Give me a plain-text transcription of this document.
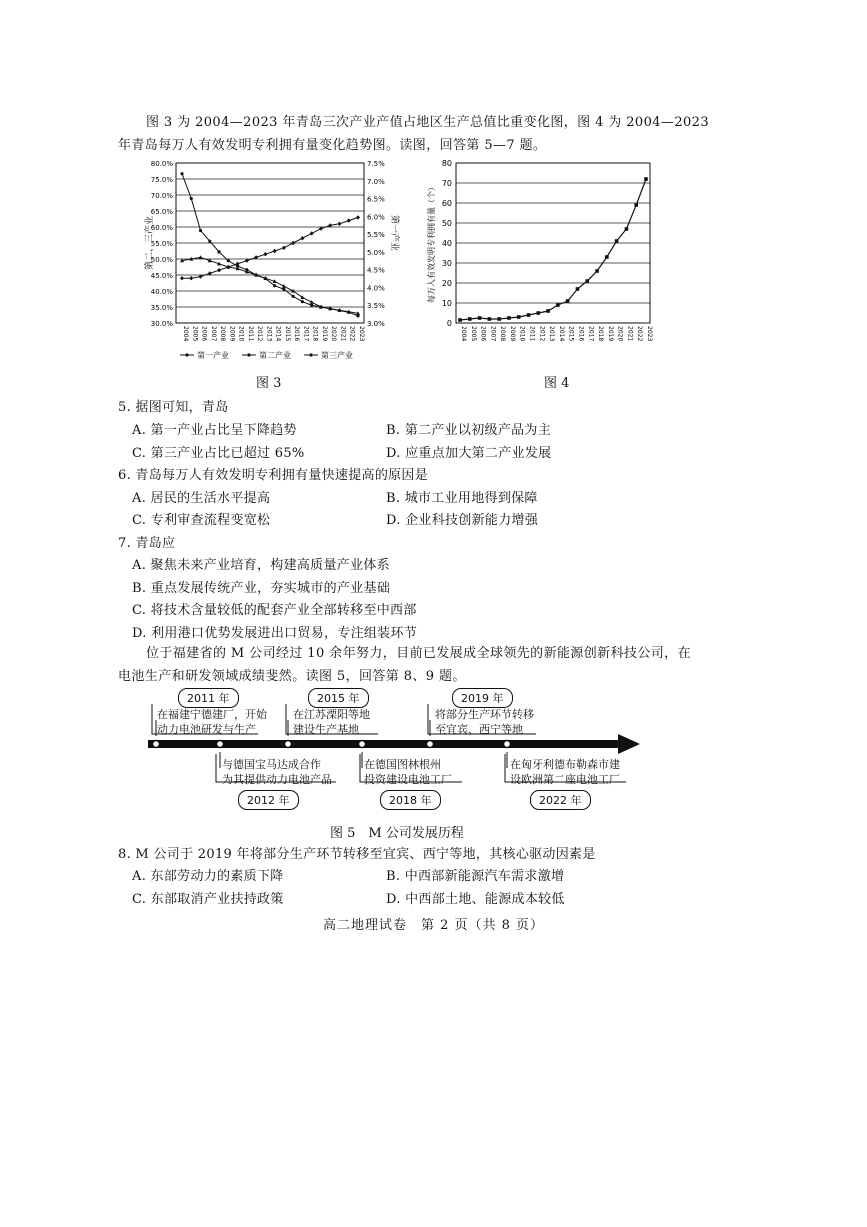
图 3 为 2004—2023 年青岛三次产业产值占地区生产总值比重变化图，图 4 为 2004—2023
年青岛每万人有效发明专利拥有量变化趋势图。读图，回答第 5—7 题。
30.0%
35.0%
40.0%
45.0%
50.0%
55.0%
60.0%
65.0%
70.0%
75.0%
80.0%
3.0%
3.5%
4.0%
4.5%
5.0%
5.5%
6.0%
6.5%
7.0%
7.5%
2004 2005 2006 2007 2008 2009 2010 2011 2012 2013 2014 2015 2016 2017 2018 2019 2020 2021 2022 2023
第二、三产业	第一产业
第一产业	第二产业	第三产业
图 3
0
10
20
30
40
50
60
70
80
2004 2005 2006 2007 2008 2009 2010 2011 2012 2013 2014 2015 2016 2017 2018 2019 2020 2021 2022 2023
每万人有效发明专利拥有量（个）
图 4
5. 据图可知，青岛
A. 第一产业占比呈下降趋势	B. 第二产业以初级产品为主
C. 第三产业占比已超过 65%	D. 应重点加大第二产业发展
6. 青岛每万人有效发明专利拥有量快速提高的原因是
A. 居民的生活水平提高	B. 城市工业用地得到保障
C. 专利审查流程变宽松	D. 企业科技创新能力增强
7. 青岛应
A. 聚焦未来产业培育，构建高质量产业体系
B. 重点发展传统产业，夯实城市的产业基础
C. 将技术含量较低的配套产业全部转移至中西部
D. 利用港口优势发展进出口贸易，专注组装环节
位于福建省的 M 公司经过 10 余年努力，目前已发展成全球领先的新能源创新科技公司，在
电池生产和研发领域成绩斐然。读图 5，回答第 8、9 题。
2011 年
在福建宁德建厂，开始
动力电池研发与生产
2015 年
在江苏溧阳等地
建设生产基地
2019 年
将部分生产环节转移
至宜宾、西宁等地
与德国宝马达成合作
为其提供动力电池产品
2012 年
在德国图林根州
投资建设电池工厂
2018 年
在匈牙利德布勒森市建
设欧洲第二座电池工厂
2022 年
图 5　M 公司发展历程
8. M 公司于 2019 年将部分生产环节转移至宜宾、西宁等地，其核心驱动因素是
A. 东部劳动力的素质下降	B. 中西部新能源汽车需求激增
C. 东部取消产业扶持政策	D. 中西部土地、能源成本较低
高二地理试卷　第 2 页（共 8 页）
